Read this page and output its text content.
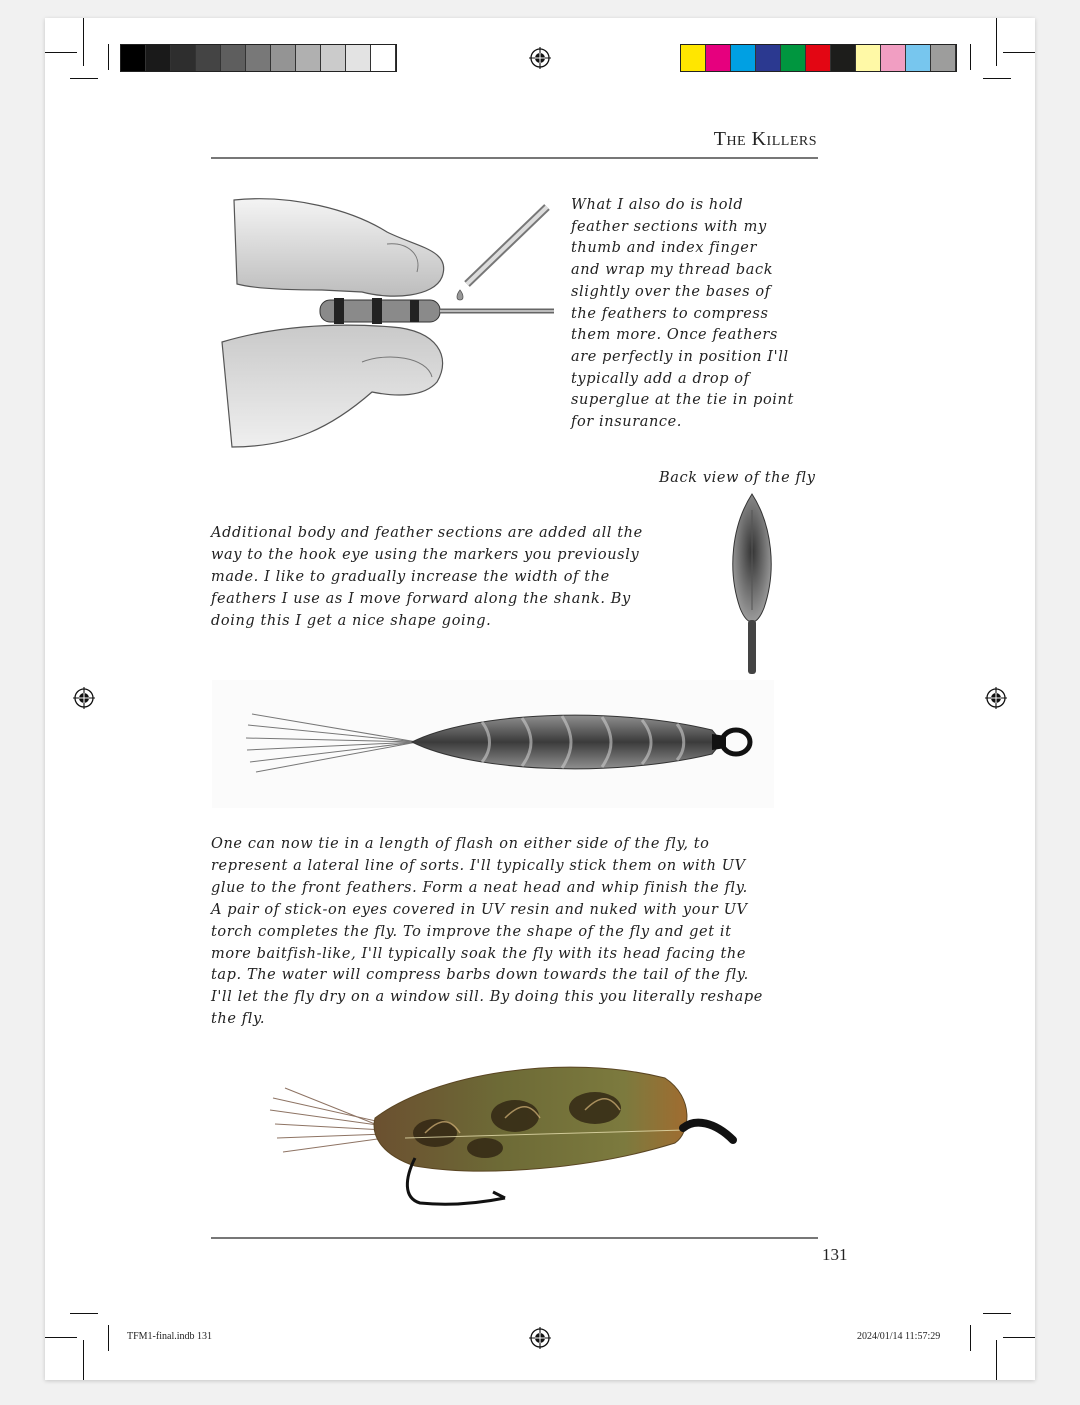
The Killers
What I also do is hold
feather sections with my
thumb and index finger
and wrap my thread back
slightly over the bases of
the feathers to compress
them more. Once feathers
are perfectly in position I'll
typically add a drop of
superglue at the tie in point
for insurance.
Back view of the fly
Additional body and feather sections are added all the
way to the hook eye using the markers you previously
made. I like to gradually increase the width of the
feathers I use as I move forward along the shank. By
doing this I get a nice shape going.
One can now tie in a length of flash on either side of the fly, to
represent a lateral line of sorts. I'll typically stick them on with UV
glue to the front feathers. Form a neat head and whip finish the fly.
A pair of stick-on eyes covered in UV resin and nuked with your UV
torch completes the fly. To improve the shape of the fly and get it
more baitfish-like, I'll typically soak the fly with its head facing the
tap. The water will compress barbs down towards the tail of the fly.
I'll let the fly dry on a window sill. By doing this you literally reshape
the fly.
131
TFM1-final.indb 131	2024/01/14 11:57:29
